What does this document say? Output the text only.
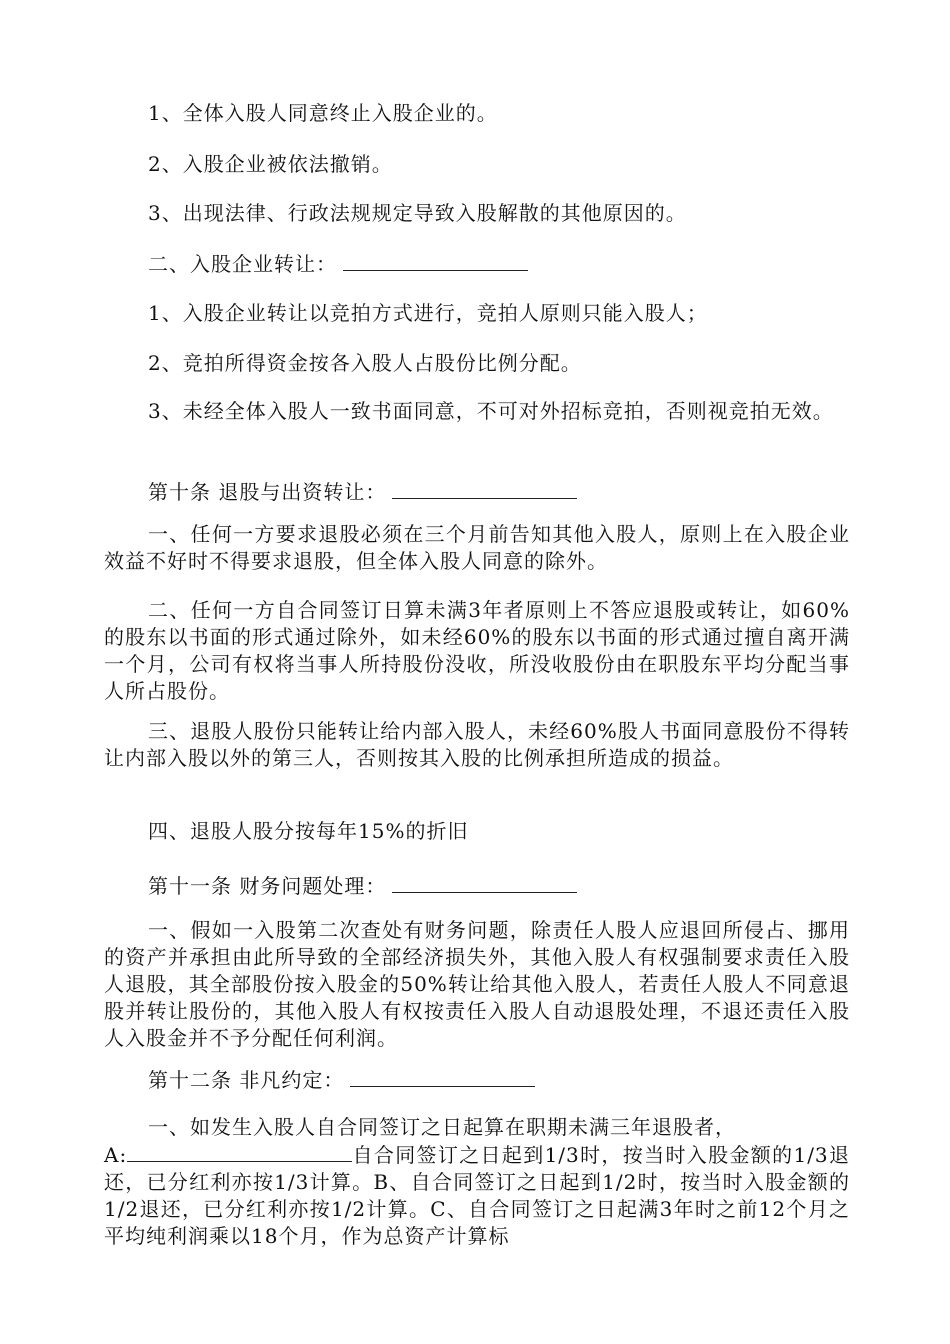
1、全体入股人同意终止入股企业的。

2、入股企业被依法撤销。

3、出现法律、行政法规规定导致入股解散的其他原因的。

二、入股企业转让：

1、入股企业转让以竞拍方式进行，竞拍人原则只能入股人；

2、竞拍所得资金按各入股人占股份比例分配。

3、未经全体入股人一致书面同意，不可对外招标竞拍，否则视竞拍无效。

第十条 退股与出资转让：

一、任何一方要求退股必须在三个月前告知其他入股人，原则上在入股企业效益不好时不得要求退股，但全体入股人同意的除外。

二、任何一方自合同签订日算未满3年者原则上不答应退股或转让，如60%的股东以书面的形式通过除外，如未经60%的股东以书面的形式通过擅自离开满一个月，公司有权将当事人所持股份没收，所没收股份由在职股东平均分配当事人所占股份。

三、退股人股份只能转让给内部入股人，未经60%股人书面同意股份不得转让内部入股以外的第三人，否则按其入股的比例承担所造成的损益。

四、退股人股分按每年15%的折旧

第十一条 财务问题处理：

一、假如一入股第二次查处有财务问题，除责任人股人应退回所侵占、挪用的资产并承担由此所导致的全部经济损失外，其他入股人有权强制要求责任入股人退股，其全部股份按入股金的50%转让给其他入股人，若责任人股人不同意退股并转让股份的，其他入股人有权按责任入股人自动退股处理，不退还责任入股人入股金并不予分配任何利润。

第十二条 非凡约定：

一、如发生入股人自合同签订之日起算在职期未满三年退股者，

A:	自合同签订之日起到1/3时，按当时入股金额的1/3退还，已分红利亦按1/3计算。B、自合同签订之日起到1/2时，按当时入股金额的1/2退还，已分红利亦按1/2计算。C、自合同签订之日起满3年时之前12个月之平均纯利润乘以18个月，作为总资产计算标
